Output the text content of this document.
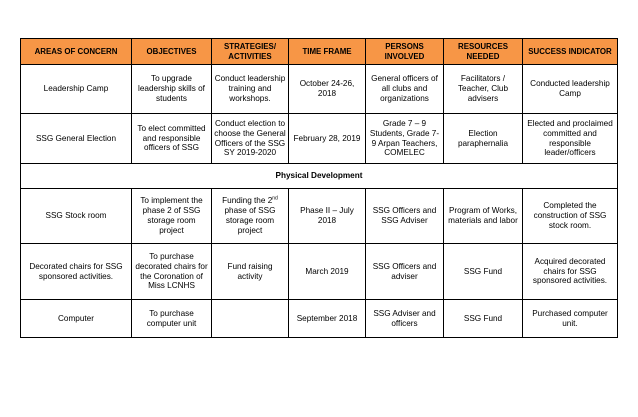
AREAS OF CONCERN	OBJECTIVES	STRATEGIES/ ACTIVITIES	TIME FRAME	PERSONS INVOLVED	RESOURCES NEEDED	SUCCESS INDICATOR
Leadership Camp	To upgrade leadership skills of students	Conduct leadership training and workshops.	October 24-26, 2018	General officers of all clubs and organizations	Facilitators / Teacher, Club advisers	Conducted leadership Camp
SSG General Election	To elect committed and responsible officers of SSG	Conduct election to choose the General Officers of the SSG SY 2019-2020	February 28, 2019	Grade 7 – 9 Students, Grade 7-9 Arpan Teachers, COMELEC	Election paraphernalia	Elected and proclaimed committed and responsible leader/officers
Physical Development						
SSG Stock room	To implement the phase 2 of SSG storage room project	Funding the 2nd phase of SSG storage room project	Phase II – July 2018	SSG Officers and SSG Adviser	Program of Works, materials and labor	Completed the construction of SSG stock room.
Decorated chairs for SSG sponsored activities.	To purchase decorated chairs for the Coronation of Miss LCNHS	Fund raising activity	March 2019	SSG Officers and adviser	SSG Fund	Acquired decorated chairs for SSG sponsored activities.
Computer	To purchase computer unit		September 2018	SSG Adviser and officers	SSG Fund	Purchased computer unit.
